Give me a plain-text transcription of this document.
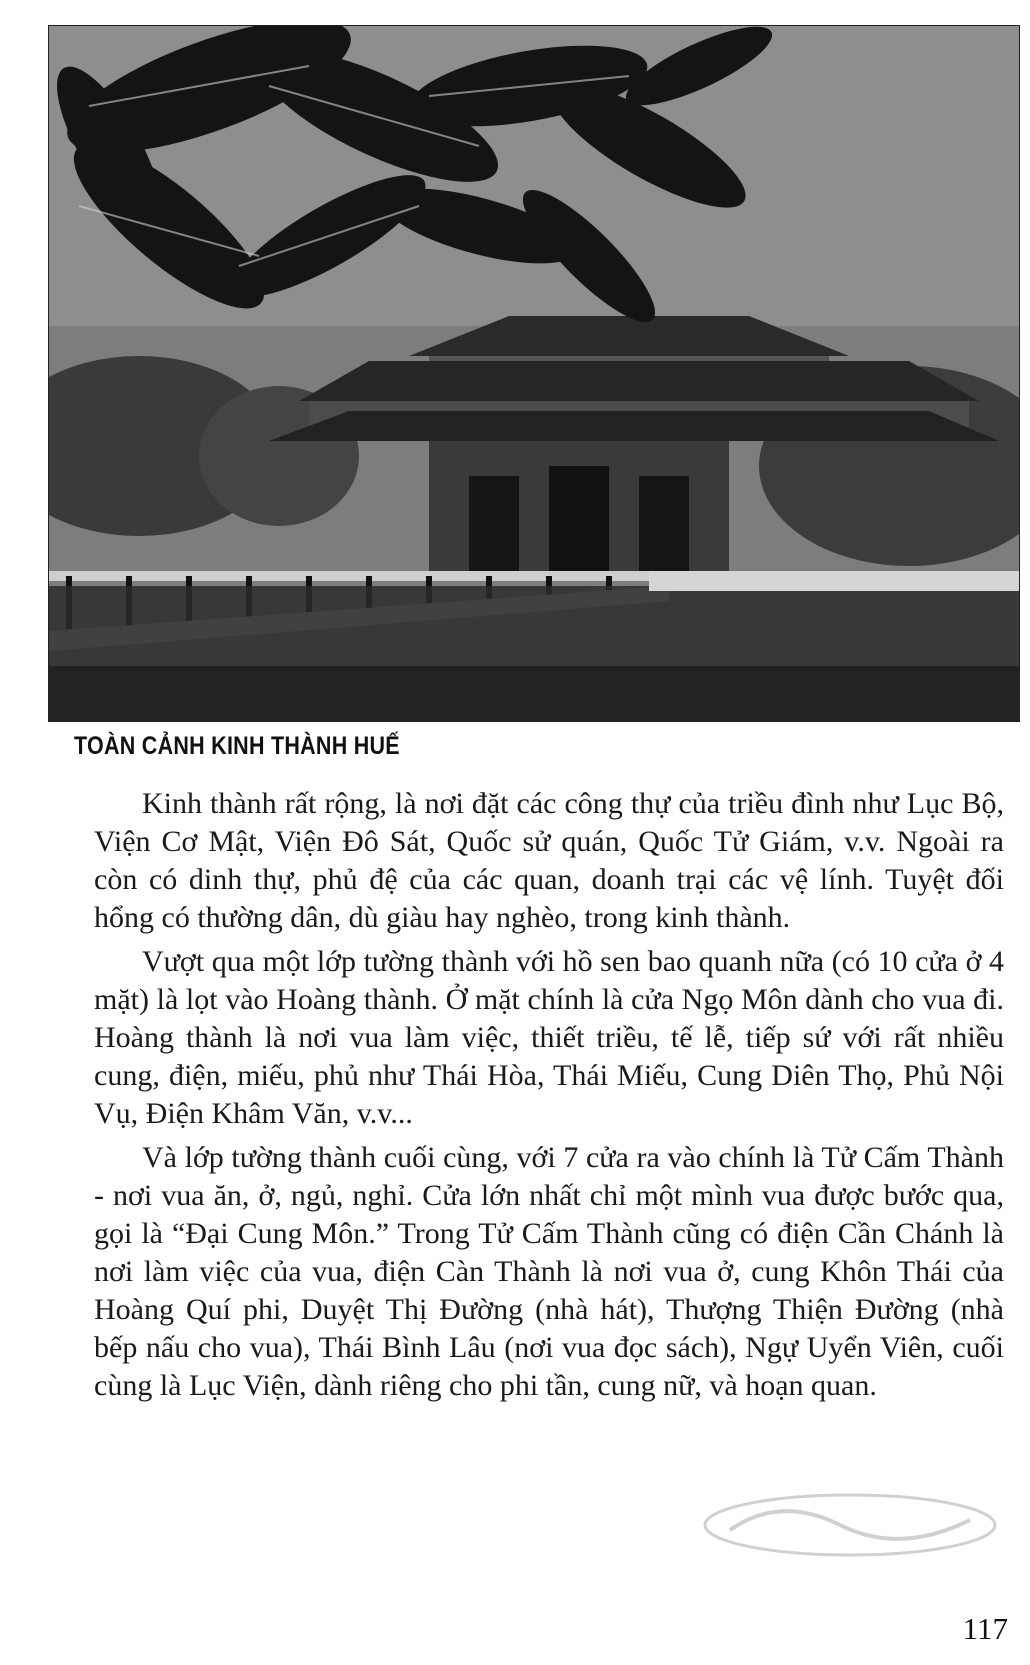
TOÀN CẢNH KINH THÀNH HUẾ

Kinh thành rất rộng, là nơi đặt các công thự của triều đình như Lục Bộ, Viện Cơ Mật, Viện Đô Sát, Quốc sử quán, Quốc Tử Giám, v.v. Ngoài ra còn có dinh thự, phủ đệ của các quan, doanh trại các vệ lính. Tuyệt đối hổng có thường dân, dù giàu hay nghèo, trong kinh thành.

Vượt qua một lớp tường thành với hồ sen bao quanh nữa (có 10 cửa ở 4 mặt) là lọt vào Hoàng thành. Ở mặt chính là cửa Ngọ Môn dành cho vua đi. Hoàng thành là nơi vua làm việc, thiết triều, tế lễ, tiếp sứ với rất nhiều cung, điện, miếu, phủ như Thái Hòa, Thái Miếu, Cung Diên Thọ, Phủ Nội Vụ, Điện Khâm Văn, v.v...

Và lớp tường thành cuối cùng, với 7 cửa ra vào chính là Tử Cấm Thành - nơi vua ăn, ở, ngủ, nghỉ. Cửa lớn nhất chỉ một mình vua được bước qua, gọi là “Đại Cung Môn.” Trong Tử Cấm Thành cũng có điện Cần Chánh là nơi làm việc của vua, điện Càn Thành là nơi vua ở, cung Khôn Thái của Hoàng Quí phi, Duyệt Thị Đường (nhà hát), Thượng Thiện Đường (nhà bếp nấu cho vua), Thái Bình Lâu (nơi vua đọc sách), Ngự Uyển Viên, cuối cùng là Lục Viện, dành riêng cho phi tần, cung nữ, và hoạn quan.

117
